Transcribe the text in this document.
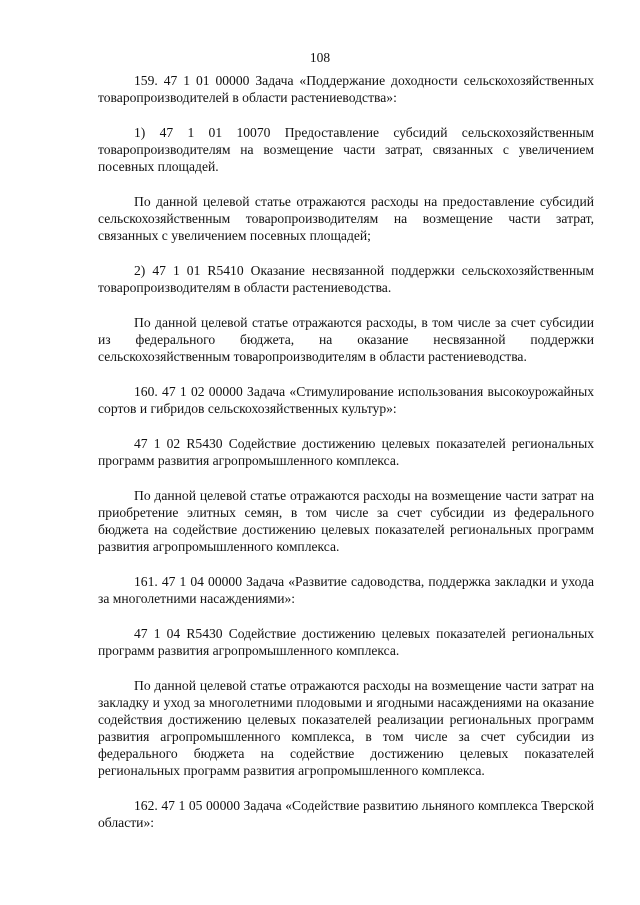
108

159. 47 1 01 00000 Задача «Поддержание доходности сельскохозяйственных товаропроизводителей в области растениеводства»:

1) 47 1 01 10070 Предоставление субсидий сельскохозяйственным товаропроизводителям на возмещение части затрат, связанных с увеличением посевных площадей.

По данной целевой статье отражаются расходы на предоставление субсидий сельскохозяйственным товаропроизводителям на возмещение части затрат, связанных с увеличением посевных площадей;

2) 47 1 01 R5410 Оказание несвязанной поддержки сельскохозяйственным товаропроизводителям в области растениеводства.

По данной целевой статье отражаются расходы, в том числе за счет субсидии из федерального бюджета, на оказание несвязанной поддержки сельскохозяйственным товаропроизводителям в области растениеводства.

160. 47 1 02 00000 Задача «Стимулирование использования высокоурожайных сортов и гибридов сельскохозяйственных культур»:

47 1 02 R5430 Содействие достижению целевых показателей региональных программ развития агропромышленного комплекса.

По данной целевой статье отражаются расходы на возмещение части затрат на приобретение элитных семян, в том числе за счет субсидии из федерального бюджета на содействие достижению целевых показателей региональных программ развития агропромышленного комплекса.

161. 47 1 04 00000 Задача «Развитие садоводства, поддержка закладки и ухода за многолетними насаждениями»:

47 1 04 R5430 Содействие достижению целевых показателей региональных программ развития агропромышленного комплекса.

По данной целевой статье отражаются расходы на возмещение части затрат на закладку и уход за многолетними плодовыми и ягодными насаждениями на оказание содействия достижению целевых показателей реализации региональных программ развития агропромышленного комплекса, в том числе за счет субсидии из федерального бюджета на содействие достижению целевых показателей региональных программ развития агропромышленного комплекса.

162. 47 1 05 00000 Задача «Содействие развитию льняного комплекса Тверской области»:
